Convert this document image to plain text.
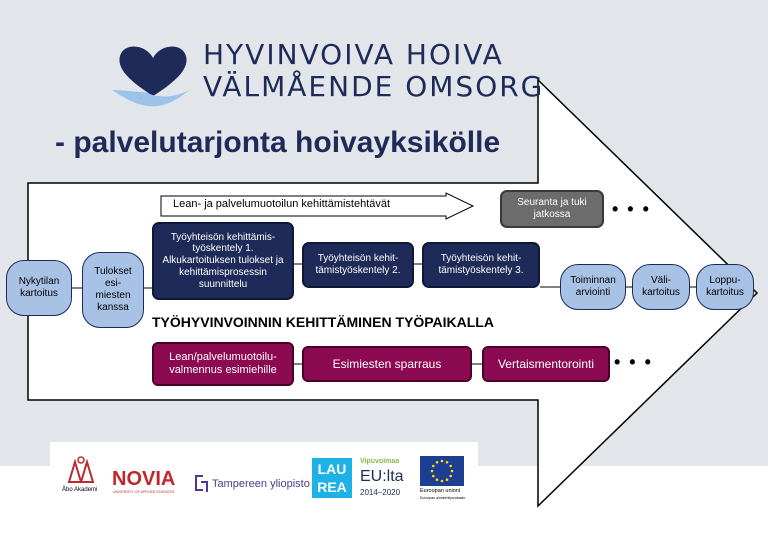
HYVINVOIVA HOIVA
VÄLMÅENDE OMSORG
- palvelutarjonta hoivayksikölle
Lean- ja palvelumuotoilun kehittämistehtävät	Seuranta ja tuki jatkossa	• • •
Nykytilan kartoitus
Tulokset esi-miesten kanssa
Työyhteisön kehittämis-työskentely 1. Alkukartoituksen tulokset ja kehittämisprosessin suunnittelu
Työyhteisön kehit-tämistyöskentely 2.
Työyhteisön kehit-tämistyöskentely 3.
Toiminnan arviointi
Väli-kartoitus
Loppu-kartoitus
TYÖHYVINVOINNIN KEHITTÄMINEN TYÖPAIKALLA
Lean/palvelumuotoilu-valmennus esimiehille	Esimiesten sparraus	Vertaismentorointi • • •
Åbo Akademi NOVIA
UNIVERSITY OF APPLIED SCIENCES
Tampereen yliopisto
LAU
REA
Vipuvoimaa
EU:lta
2014–2020	Euroopan unioni
Euroopan aluekehitysrahasto
